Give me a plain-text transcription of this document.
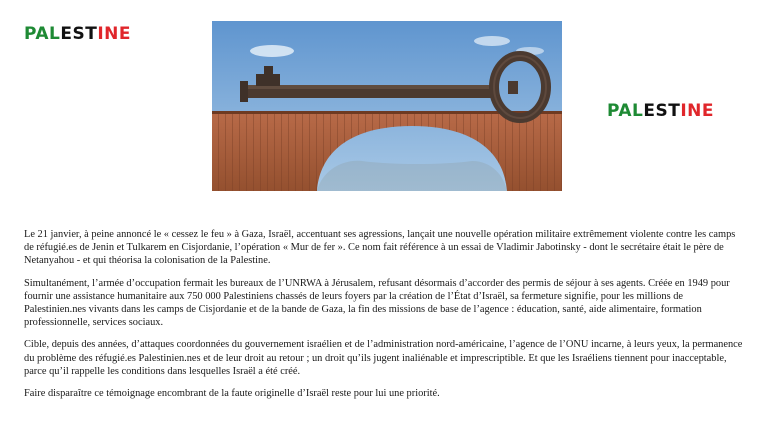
PALESTINE
PALESTINE

Le 21 janvier, à peine annoncé le « cessez le feu » à Gaza, Israël, accentuant ses agressions, lançait une nouvelle opération militaire extrêmement violente contre les camps de réfugié.es de Jenin et Tulkarem en Cisjordanie, l’opération « Mur de fer ». Ce nom fait référence à un essai de Vladimir Jabotinsky - dont le secrétaire était le père de Netanyahou - et qui théorisa la colonisation de la Palestine.

Simultanément, l’armée d’occupation fermait les bureaux de l’UNRWA à Jérusalem, refusant désormais d’accorder des permis de séjour à ses agents. Créée en 1949 pour fournir une assistance humanitaire aux 750 000 Palestiniens chassés de leurs foyers par la création de l’État d’Israël, sa fermeture signifie, pour les millions de Palestinien.nes vivants dans les camps de Cisjordanie et de la bande de Gaza, la fin des missions de base de l’agence : éducation, santé, aide alimentaire, formation professionnelle, services sociaux.

Cible, depuis des années, d’attaques coordonnées du gouvernement israélien et de l’administration nord-américaine, l’agence de l’ONU incarne, à leurs yeux, la permanence du problème des réfugié.es Palestinien.nes et de leur droit au retour ; un droit qu’ils jugent inaliénable et imprescriptible. Et que les Israéliens tiennent pour inacceptable, parce qu’il rappelle les conditions dans lesquelles Israël a été créé.

Faire disparaître ce témoignage encombrant de la faute originelle d’Israël reste pour lui une priorité.
